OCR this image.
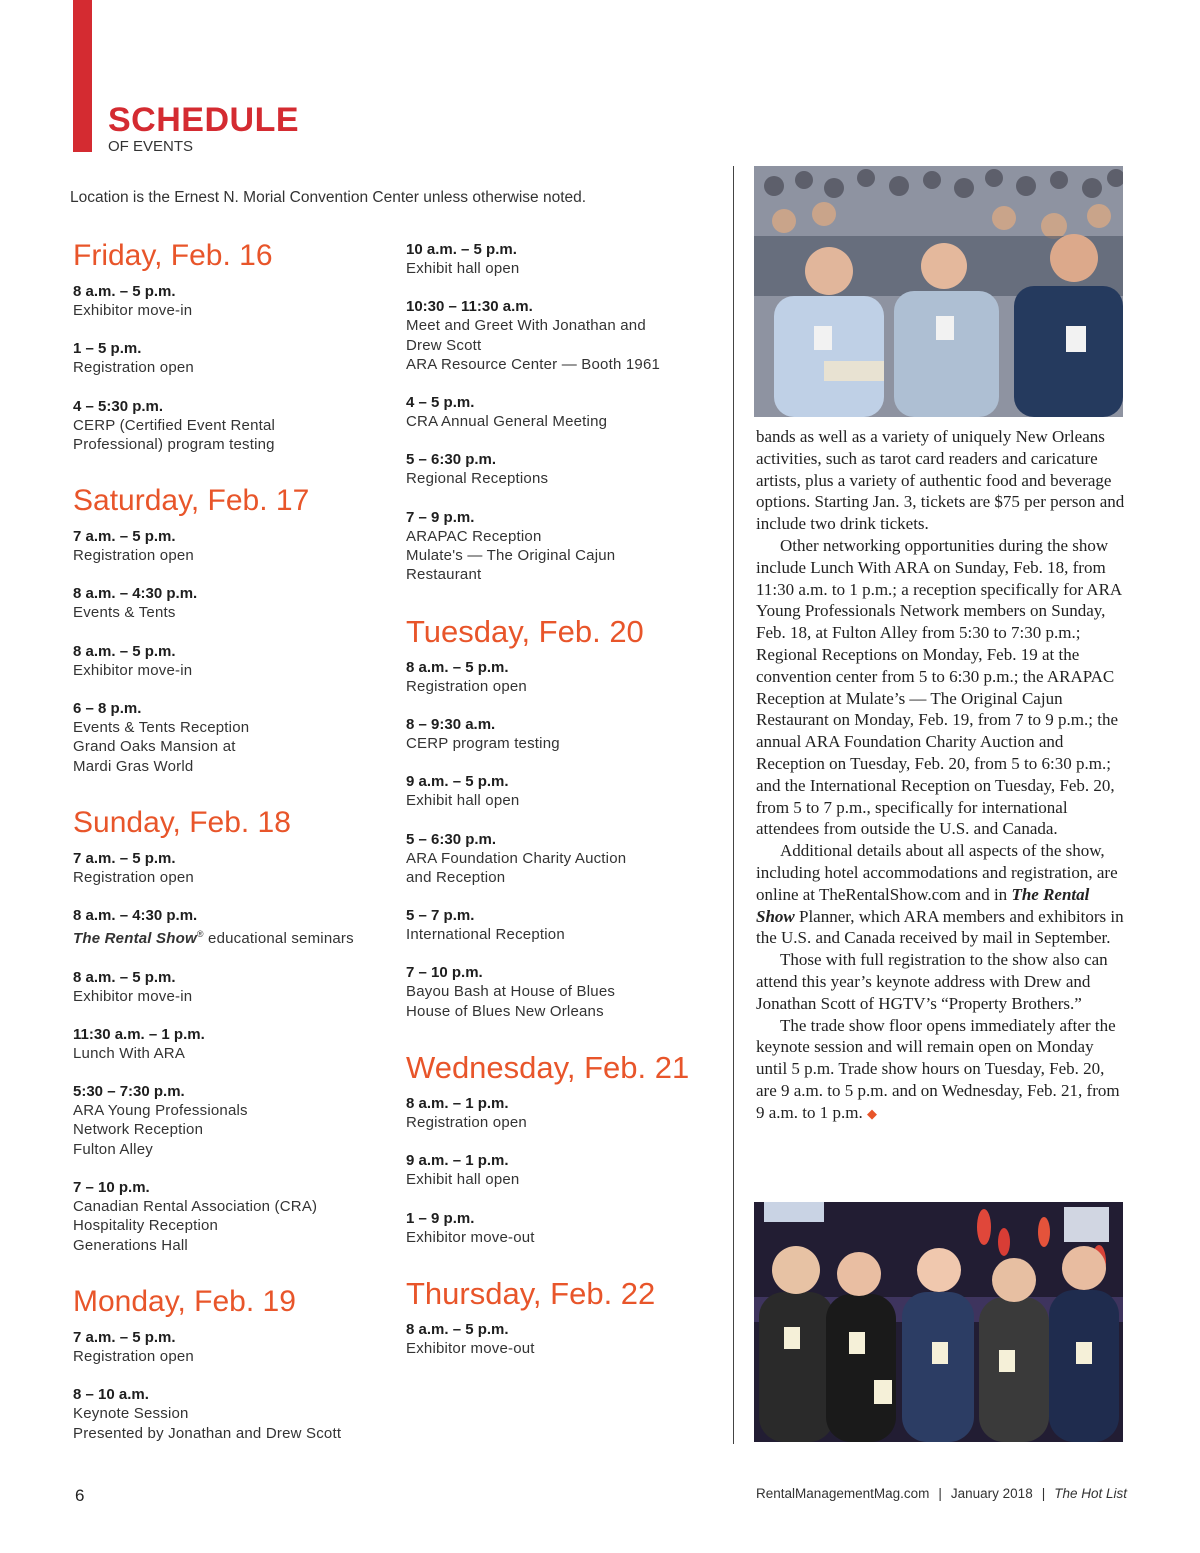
SCHEDULE
OF EVENTS
Location is the Ernest N. Morial Convention Center unless otherwise noted.
Friday, Feb. 16
8 a.m. – 5 p.m.
Exhibitor move-in
1 – 5 p.m.
Registration open
4 – 5:30 p.m.
CERP (Certified Event Rental
Professional) program testing
Saturday, Feb. 17
7 a.m. – 5 p.m.
Registration open
8 a.m. – 4:30 p.m.
Events & Tents
8 a.m. – 5 p.m.
Exhibitor move-in
6 – 8 p.m.
Events & Tents Reception
Grand Oaks Mansion at
Mardi Gras World
Sunday, Feb. 18
7 a.m. – 5 p.m.
Registration open
8 a.m. – 4:30 p.m.
The Rental Show® educational seminars
8 a.m. – 5 p.m.
Exhibitor move-in
11:30 a.m. – 1 p.m.
Lunch With ARA
5:30 – 7:30 p.m.
ARA Young Professionals
Network Reception
Fulton Alley
7 – 10 p.m.
Canadian Rental Association (CRA)
Hospitality Reception
Generations Hall
Monday, Feb. 19
7 a.m. – 5 p.m.
Registration open
8 – 10 a.m.
Keynote Session
Presented by Jonathan and Drew Scott
10 a.m. – 5 p.m.
Exhibit hall open
10:30 – 11:30 a.m.
Meet and Greet With Jonathan and
Drew Scott
ARA Resource Center — Booth 1961
4 – 5 p.m.
CRA Annual General Meeting
5 – 6:30 p.m.
Regional Receptions
7 – 9 p.m.
ARAPAC Reception
Mulate's — The Original Cajun
Restaurant
Tuesday, Feb. 20
8 a.m. – 5 p.m.
Registration open
8 – 9:30 a.m.
CERP program testing
9 a.m. – 5 p.m.
Exhibit hall open
5 – 6:30 p.m.
ARA Foundation Charity Auction
and Reception
5 – 7 p.m.
International Reception
7 – 10 p.m.
Bayou Bash at House of Blues
House of Blues New Orleans
Wednesday, Feb. 21
8 a.m. – 1 p.m.
Registration open
9 a.m. – 1 p.m.
Exhibit hall open
1 – 9 p.m.
Exhibitor move-out
Thursday, Feb. 22
8 a.m. – 5 p.m.
Exhibitor move-out

bands as well as a variety of uniquely New Orleans activities, such as tarot card readers and caricature artists, plus a variety of authentic food and beverage options. Starting Jan. 3, tickets are $75 per person and include two drink tickets.

Other networking opportunities during the show include Lunch With ARA on Sunday, Feb. 18, from 11:30 a.m. to 1 p.m.; a reception specifically for ARA Young Professionals Network members on Sunday, Feb. 18, at Fulton Alley from 5:30 to 7:30 p.m.; Regional Receptions on Monday, Feb. 19 at the convention center from 5 to 6:30 p.m.; the ARAPAC Reception at Mulate’s — The Original Cajun Restaurant on Monday, Feb. 19, from 7 to 9 p.m.; the annual ARA Foundation Charity Auction and Reception on Tuesday, Feb. 20, from 5 to 6:30 p.m.; and the International Reception on Tuesday, Feb. 20, from 5 to 7 p.m., specifically for international attendees from outside the U.S. and Canada.

Additional details about all aspects of the show, including hotel accommodations and registration, are online at TheRentalShow.com and in The Rental Show Planner, which ARA members and exhibitors in the U.S. and Canada received by mail in September.

Those with full registration to the show also can attend this year’s keynote address with Drew and Jonathan Scott of HGTV’s “Property Brothers.”

The trade show floor opens immediately after the keynote session and will remain open on Monday until 5 p.m. Trade show hours on Tuesday, Feb. 20, are 9 a.m. to 5 p.m. and on Wednesday, Feb. 21, from 9 a.m. to 1 p.m. ◆

6	RentalManagementMag.com | January 2018 | The Hot List
